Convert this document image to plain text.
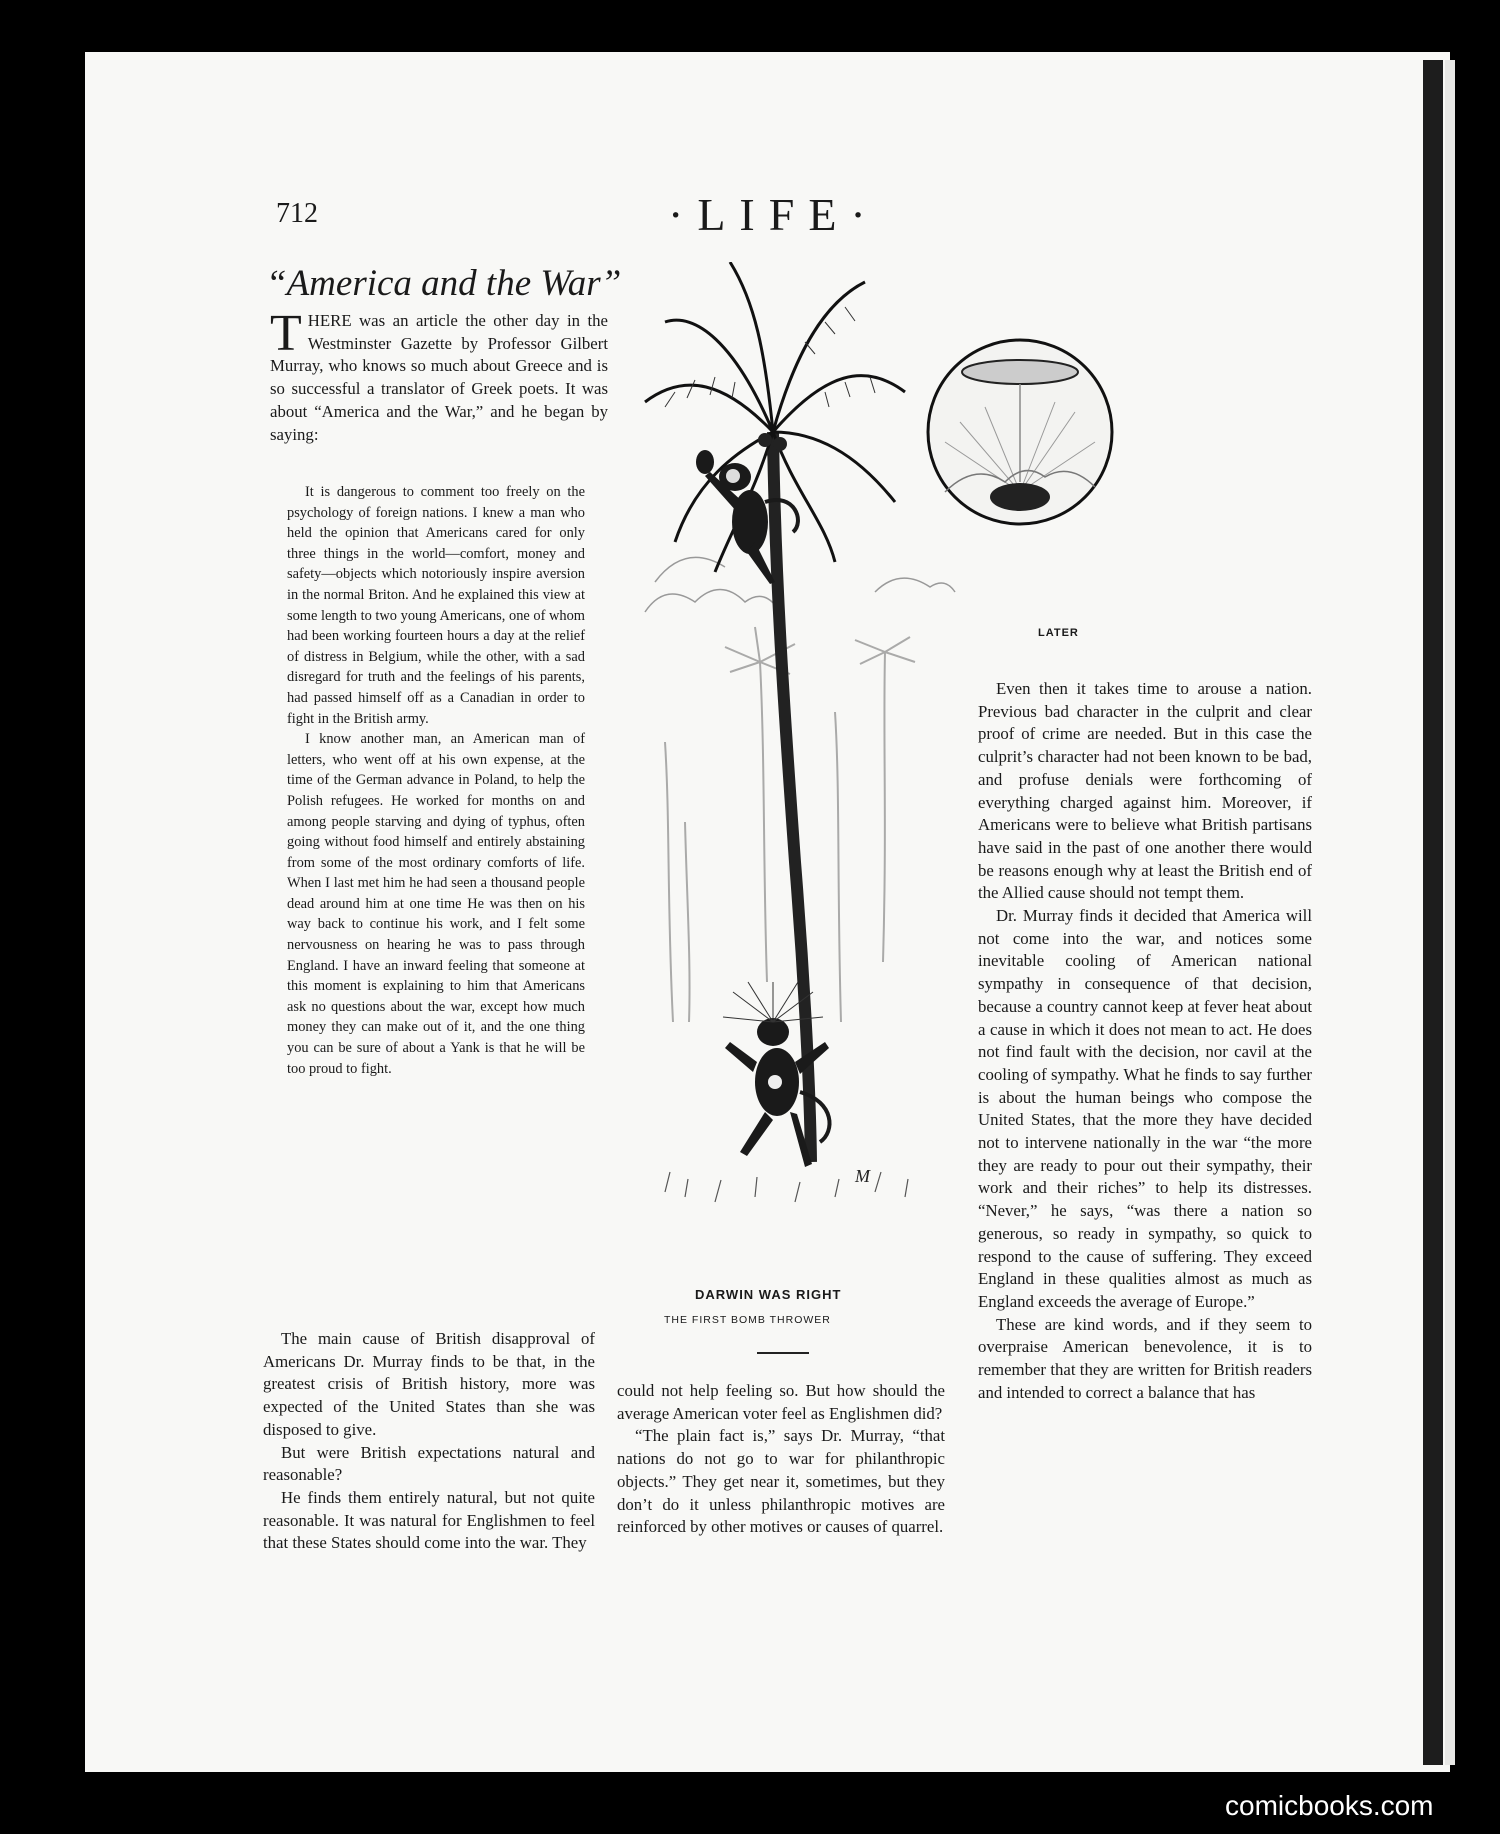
712	·LIFE·
“America and the War”
THERE was an article the other day in the Westminster Gazette by Professor Gilbert Murray, who knows so much about Greece and is so successful a translator of Greek poets. It was about “America and the War,” and he began by saying:

It is dangerous to comment too freely on the psychology of foreign nations. I knew a man who held the opinion that Americans cared for only three things in the world—comfort, money and safety—objects which notoriously inspire aversion in the normal Briton. And he explained this view at some length to two young Americans, one of whom had been working fourteen hours a day at the relief of distress in Belgium, while the other, with a sad disregard for truth and the feelings of his parents, had passed himself off as a Canadian in order to fight in the British army.

I know another man, an American man of letters, who went off at his own expense, at the time of the German advance in Poland, to help the Polish refugees. He worked for months on and among people starving and dying of typhus, often going without food himself and entirely abstaining from some of the most ordinary comforts of life. When I last met him he had seen a thousand people dead around him at one time He was then on his way back to continue his work, and I felt some nervousness on hearing he was to pass through England. I have an inward feeling that someone at this moment is explaining to him that Americans ask no questions about the war, except how much money they can make out of it, and the one thing you can be sure of about a Yank is that he will be too proud to fight.

The main cause of British disapproval of Americans Dr. Murray finds to be that, in the greatest crisis of British history, more was expected of the United States than she was disposed to give.

But were British expectations natural and reasonable?

He finds them entirely natural, but not quite reasonable. It was natural for Englishmen to feel that these States should come into the war. They

could not help feeling so. But how should the average American voter feel as Englishmen did?

“The plain fact is,” says Dr. Murray, “that nations do not go to war for philanthropic objects.” They get near it, sometimes, but they don’t do it unless philanthropic motives are reinforced by other motives or causes of quarrel.

Even then it takes time to arouse a nation. Previous bad character in the culprit and clear proof of crime are needed. But in this case the culprit’s character had not been known to be bad, and profuse denials were forthcoming of everything charged against him. Moreover, if Americans were to believe what British partisans have said in the past of one another there would be reasons enough why at least the British end of the Allied cause should not tempt them.

Dr. Murray finds it decided that America will not come into the war, and notices some inevitable cooling of American national sympathy in consequence of that decision, because a country cannot keep at fever heat about a cause in which it does not mean to act. He does not find fault with the decision, nor cavil at the cooling of sympathy. What he finds to say further is about the human beings who compose the United States, that the more they have decided not to intervene nationally in the war “the more they are ready to pour out their sympathy, their work and their riches” to help its distresses. “Never,” he says, “was there a nation so generous, so ready in sympathy, so quick to respond to the cause of suffering. They exceed England in these qualities almost as much as England exceeds the average of Europe.”

These are kind words, and if they seem to overpraise American benevolence, it is to remember that they are written for British readers and intended to correct a balance that has

M
LATER
DARWIN WAS RIGHT
THE FIRST BOMB THROWER
comicbooks.com
